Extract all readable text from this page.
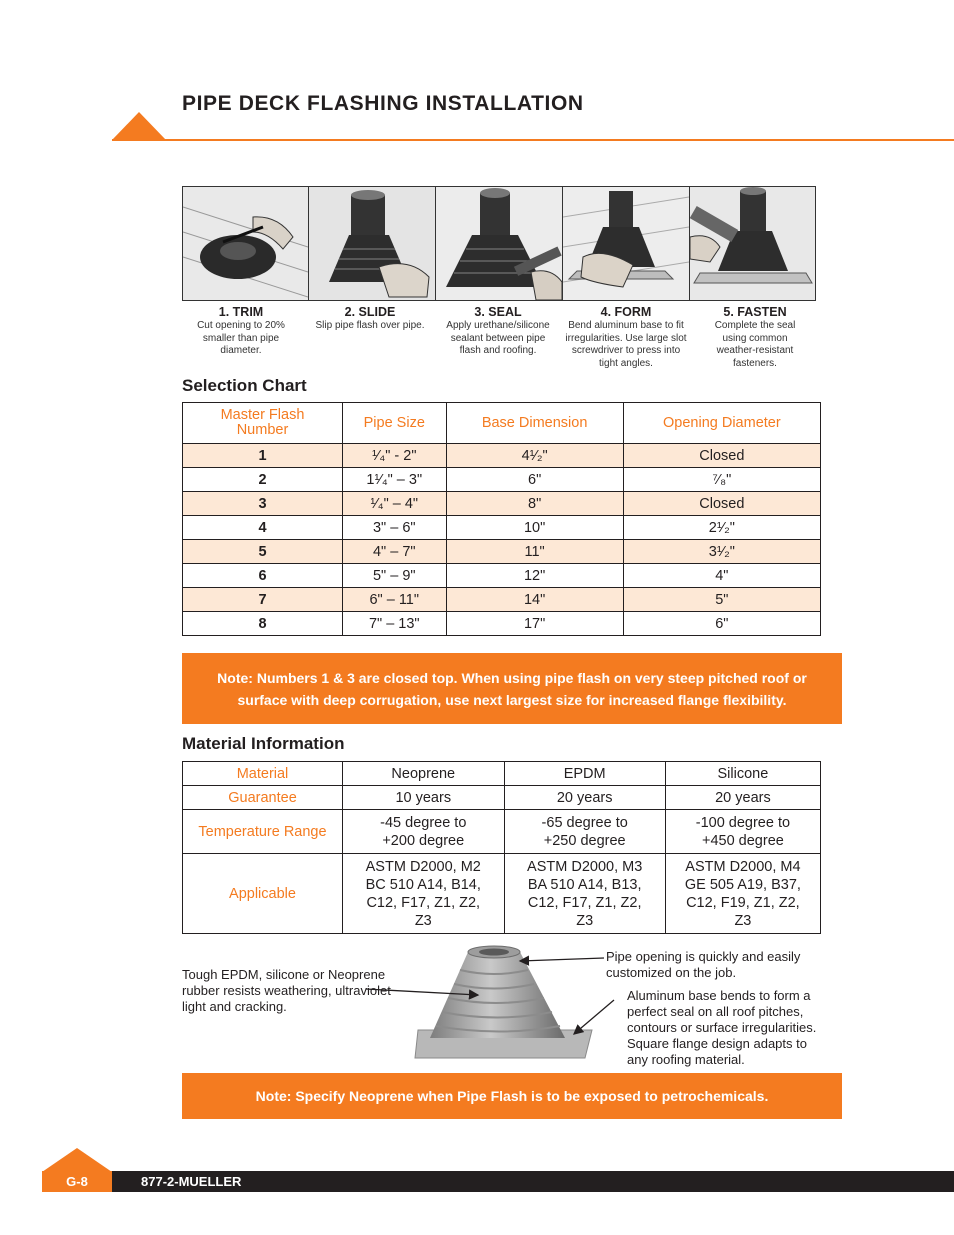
PIPE DECK FLASHING INSTALLATION
1. TRIM
Cut opening to 20% smaller than pipe diameter.
2. SLIDE
Slip pipe flash over pipe.
3. SEAL
Apply urethane/silicone sealant between pipe flash and roofing.
4. FORM
Bend aluminum base to fit irregularities. Use large slot screwdriver to press into tight angles.
5. FASTEN
Complete the seal using common weather-resistant fasteners.
Selection Chart
Master Flash Number	Pipe Size	Base Dimension	Opening Diameter
1	¹⁄₄" - 2"	4¹⁄₂"	Closed
2	1¹⁄₄" – 3"	6"	⁷⁄₈"
3	¹⁄₄" – 4"	8"	Closed
4	3" – 6"	10"	2¹⁄₂"
5	4" – 7"	11"	3¹⁄₂"
6	5" – 9"	12"	4"
7	6" – 11"	14"	5"
8	7" – 13"	17"	6"
Note: Numbers 1 & 3 are closed top. When using pipe flash on very steep pitched roof or surface with deep corrugation, use next largest size for increased flange flexibility.
Material Information
Material	Neoprene	EPDM	Silicone
Guarantee	10 years	20 years	20 years
Temperature Range	-45 degree to +200 degree	-65 degree to +250 degree	-100 degree to +450 degree
Applicable	ASTM D2000, M2 BC 510 A14, B14, C12, F17, Z1, Z2, Z3	ASTM D2000, M3 BA 510 A14, B13, C12, F17, Z1, Z2, Z3	ASTM D2000, M4 GE 505 A19, B37, C12, F19, Z1, Z2, Z3
Tough EPDM, silicone or Neoprene rubber resists weathering, ultraviolet light and cracking.
Pipe opening is quickly and easily customized on the job.
Aluminum base bends to form a perfect seal on all roof pitches, contours or surface irregularities. Square flange design adapts to any roofing material.
Note: Specify Neoprene when Pipe Flash is to be exposed to petrochemicals.
G-8	877-2-MUELLER
